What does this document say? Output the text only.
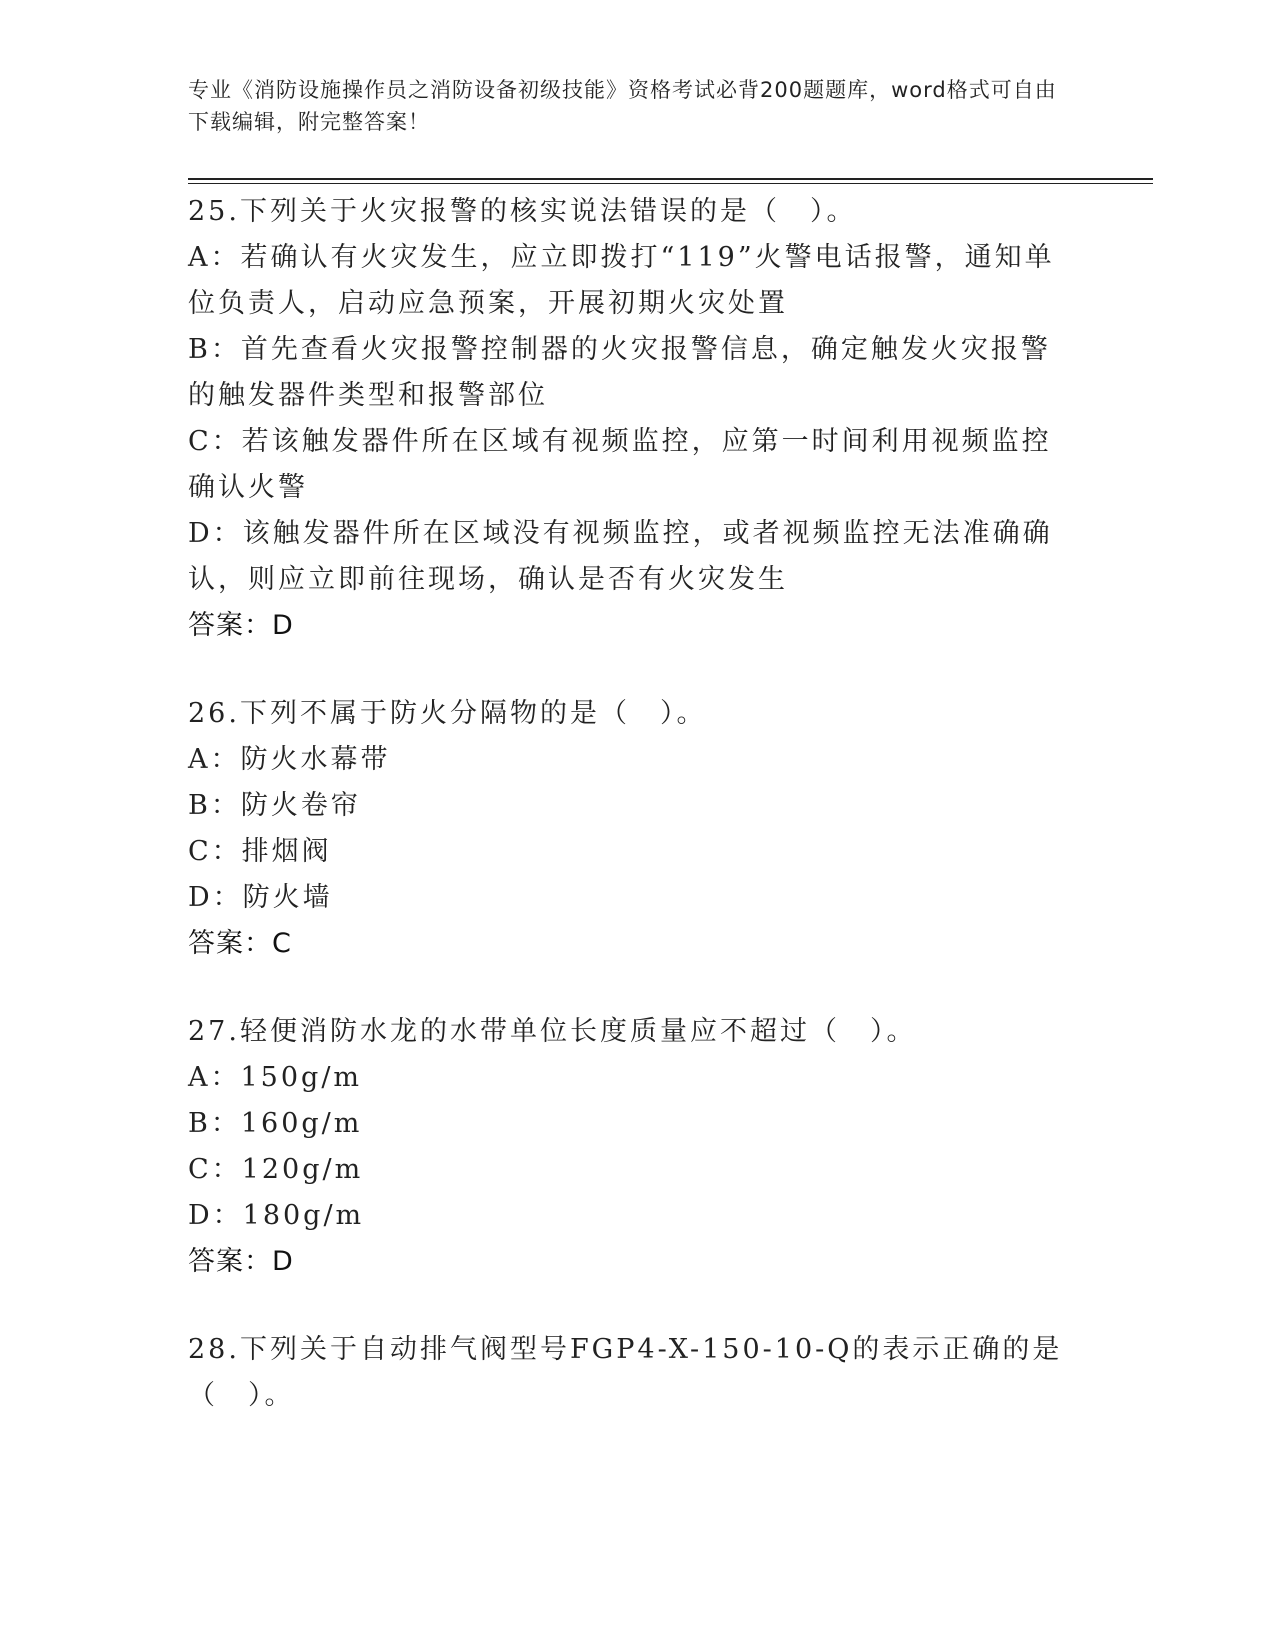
专业《消防设施操作员之消防设备初级技能》资格考试必背200题题库，word格式可自由下载编辑，附完整答案！
25.下列关于火灾报警的核实说法错误的是（　）。
A：若确认有火灾发生，应立即拨打“119”火警电话报警，通知单位负责人，启动应急预案，开展初期火灾处置
B：首先查看火灾报警控制器的火灾报警信息，确定触发火灾报警的触发器件类型和报警部位
C：若该触发器件所在区域有视频监控，应第一时间利用视频监控确认火警
D：该触发器件所在区域没有视频监控，或者视频监控无法准确确认，则应立即前往现场，确认是否有火灾发生
答案：D
26.下列不属于防火分隔物的是（　）。
A：防火水幕带
B：防火卷帘
C：排烟阀
D：防火墙
答案：C
27.轻便消防水龙的水带单位长度质量应不超过（　）。
A：150g/m
B：160g/m
C：120g/m
D：180g/m
答案：D
28.下列关于自动排气阀型号FGP4-X-150-10-Q的表示正确的是（　）。
